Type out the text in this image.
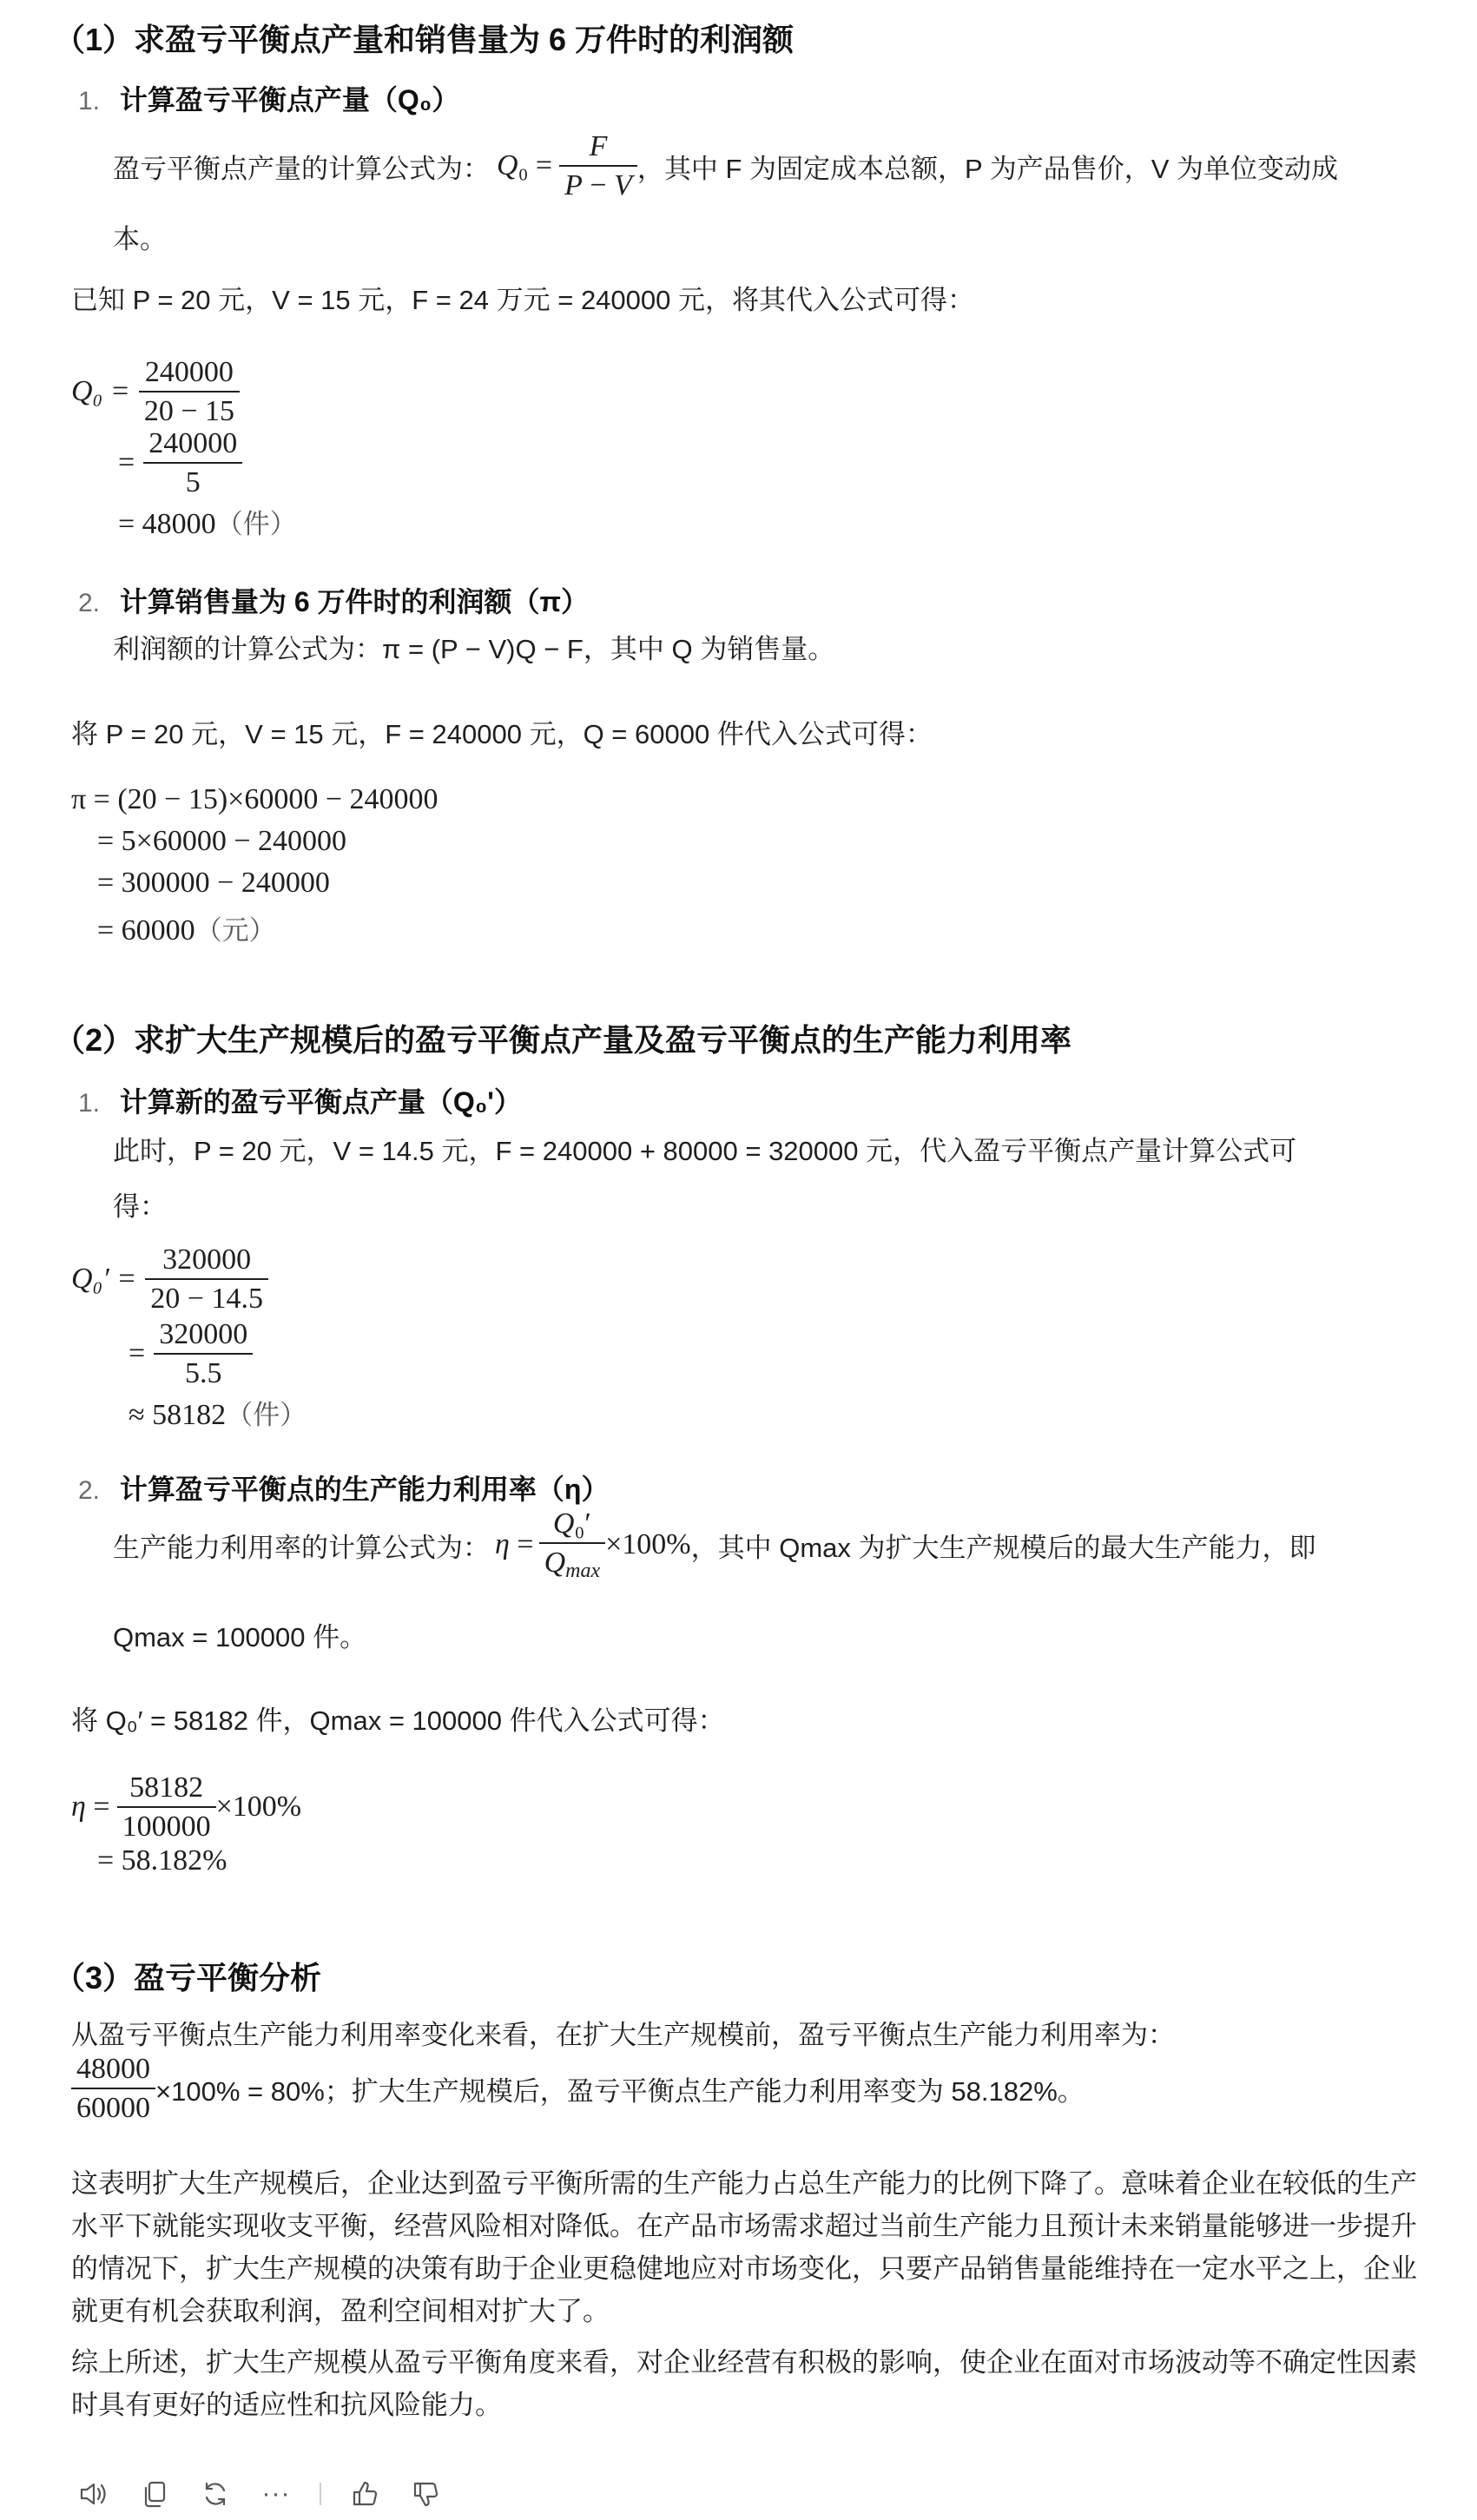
（1）求盈亏平衡点产量和销售量为 6 万件时的利润额
1. 计算盈亏平衡点产量（Q₀）
盈亏平衡点产量的计算公式为： $Q_0 = \frac{F}{P - V}$ ，其中 F 为固定成本总额，P 为产品售价，V 为单位变动成
本。
已知 P = 20 元，V = 15 元，F = 24 万元 = 240000 元，将其代入公式可得：
$Q_0 = \frac{240000}{20 - 15}$
= $\frac{240000}{5}$
= 48000（件）
2. 计算销售量为 6 万件时的利润额（π）
利润额的计算公式为：π = (P − V)Q − F，其中 Q 为销售量。
将 P = 20 元，V = 15 元，F = 240000 元，Q = 60000 件代入公式可得：
π = (20 − 15)×60000 − 240000
= 5×60000 − 240000
= 300000 − 240000
= 60000（元）
（2）求扩大生产规模后的盈亏平衡点产量及盈亏平衡点的生产能力利用率
1. 计算新的盈亏平衡点产量（Q₀'）
此时，P = 20 元，V = 14.5 元，F = 240000 + 80000 = 320000 元，代入盈亏平衡点产量计算公式可
得：
$Q_0' = \frac{320000}{20 - 14.5}$
= $\frac{320000}{5.5}$
≈ 58182（件）
2. 计算盈亏平衡点的生产能力利用率（η）
生产能力利用率的计算公式为： $\eta = \frac{\text{Q₀′}}{Q_{max}} \times 100\%$ ，其中 Qmax 为扩大生产规模后的最大生产能力，即
Qmax = 100000 件。
将 Q₀′ = 58182 件，Qmax = 100000 件代入公式可得：
$\eta = \frac{58182}{100000} \times 100\%$
= 58.182%
（3）盈亏平衡分析
从盈亏平衡点生产能力利用率变化来看，在扩大生产规模前，盈亏平衡点生产能力利用率为：
$\frac{48000}{60000} \times 100\% = 80\%$；扩大生产规模后，盈亏平衡点生产能力利用率变为 58.182%。
这表明扩大生产规模后，企业达到盈亏平衡所需的生产能力占总生产能力的比例下降了。意味着企业在较低的生产水平下就能实现收支平衡，经营风险相对降低。在产品市场需求超过当前生产能力且预计未来销量能够进一步提升的情况下，扩大生产规模的决策有助于企业更稳健地应对市场变化，只要产品销售量能维持在一定水平之上，企业就更有机会获取利润，盈利空间相对扩大了。
综上所述，扩大生产规模从盈亏平衡角度来看，对企业经营有积极的影响，使企业在面对市场波动等不确定性因素时具有更好的适应性和抗风险能力。
···
